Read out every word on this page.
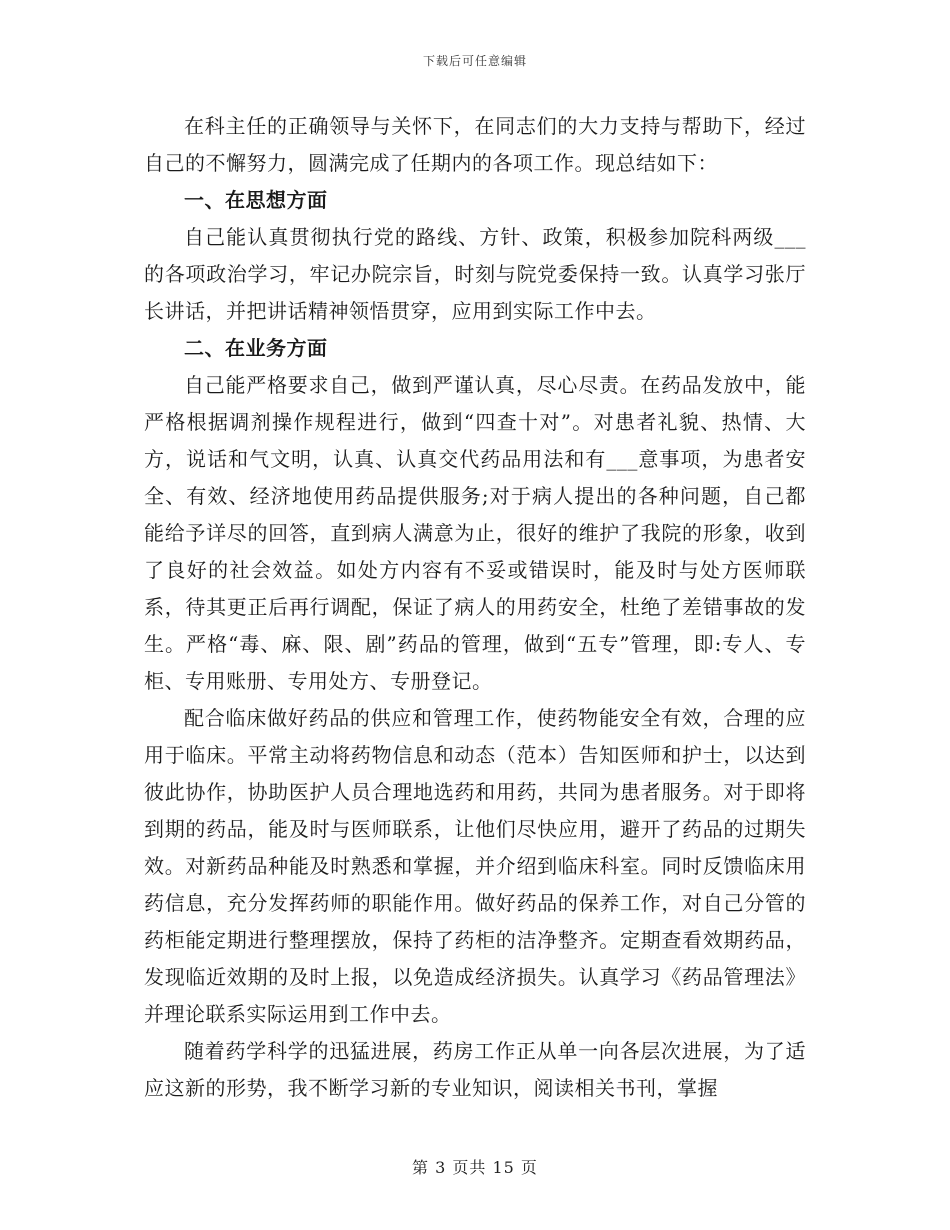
下载后可任意编辑

在科主任的正确领导与关怀下，在同志们的大力支持与帮助下，经过自己的不懈努力，圆满完成了任期内的各项工作。现总结如下：

一、在思想方面

自己能认真贯彻执行党的路线、方针、政策，积极参加院科两级___的各项政治学习，牢记办院宗旨，时刻与院党委保持一致。认真学习张厅长讲话，并把讲话精神领悟贯穿，应用到实际工作中去。

二、在业务方面

自己能严格要求自己，做到严谨认真，尽心尽责。在药品发放中，能严格根据调剂操作规程进行，做到“四查十对”。对患者礼貌、热情、大方，说话和气文明，认真、认真交代药品用法和有___意事项，为患者安全、有效、经济地使用药品提供服务;对于病人提出的各种问题，自己都能给予详尽的回答，直到病人满意为止，很好的维护了我院的形象，收到了良好的社会效益。如处方内容有不妥或错误时，能及时与处方医师联系，待其更正后再行调配，保证了病人的用药安全，杜绝了差错事故的发生。严格“毒、麻、限、剧”药品的管理，做到“五专”管理，即:专人、专柜、专用账册、专用处方、专册登记。

配合临床做好药品的供应和管理工作，使药物能安全有效，合理的应用于临床。平常主动将药物信息和动态（范本）告知医师和护士，以达到彼此协作，协助医护人员合理地选药和用药，共同为患者服务。对于即将到期的药品，能及时与医师联系，让他们尽快应用，避开了药品的过期失效。对新药品种能及时熟悉和掌握，并介绍到临床科室。同时反馈临床用药信息，充分发挥药师的职能作用。做好药品的保养工作，对自己分管的药柜能定期进行整理摆放，保持了药柜的洁净整齐。定期查看效期药品，发现临近效期的及时上报，以免造成经济损失。认真学习《药品管理法》并理论联系实际运用到工作中去。

随着药学科学的迅猛进展，药房工作正从单一向各层次进展，为了适应这新的形势，我不断学习新的专业知识，阅读相关书刊，掌握

第 3 页共 15 页
